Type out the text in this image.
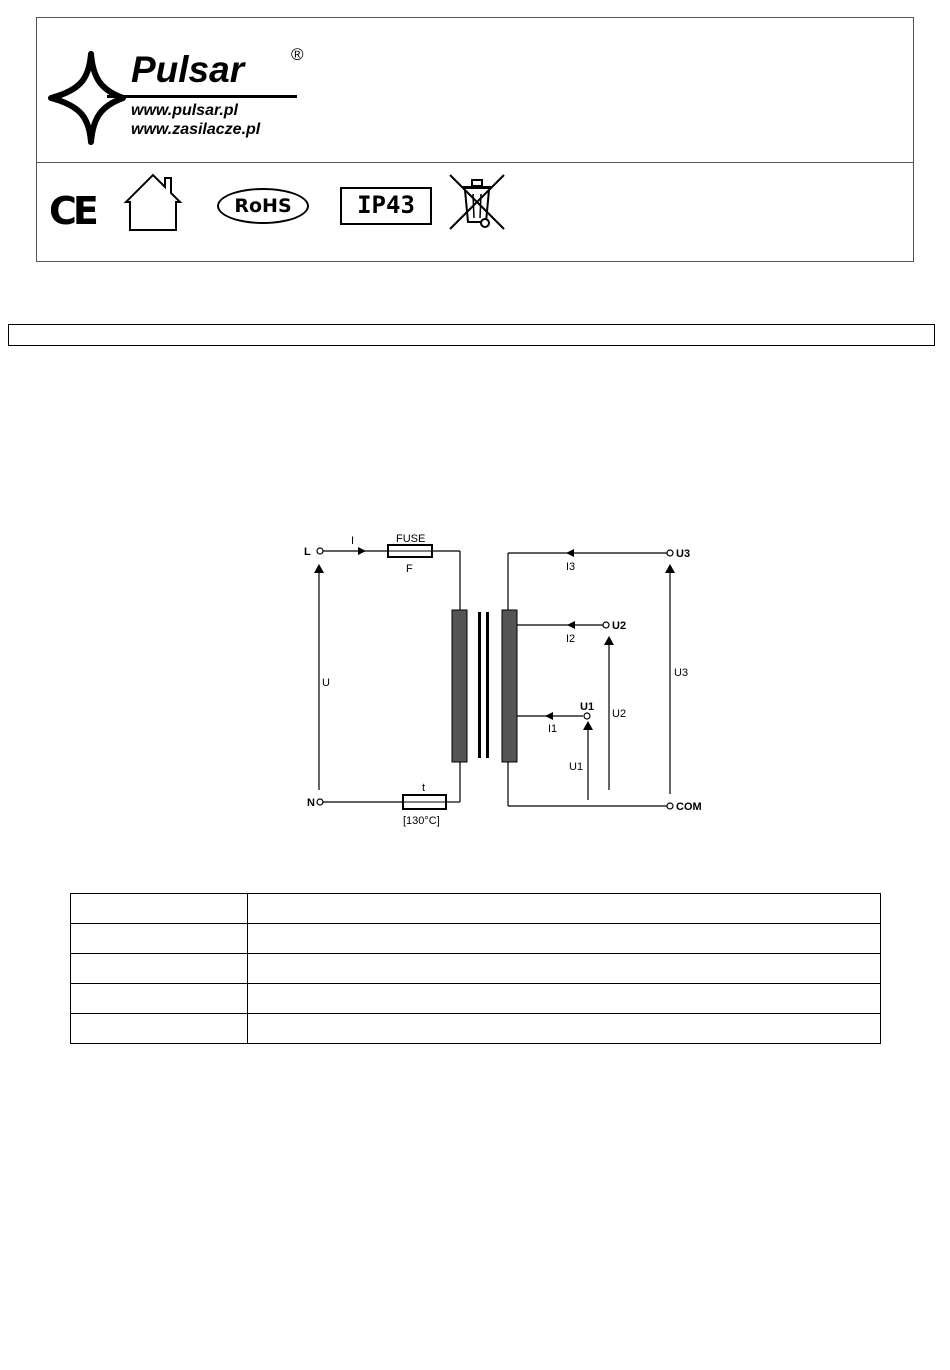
Pulsar	®
www.pulsar.pl
www.zasilacze.pl
CE	RoHS	IP43
L
N
I	FUSE
F
t
[130°C]
U
U3
U2
U1
COM
I3
I2
I1
U3
U2
U1
